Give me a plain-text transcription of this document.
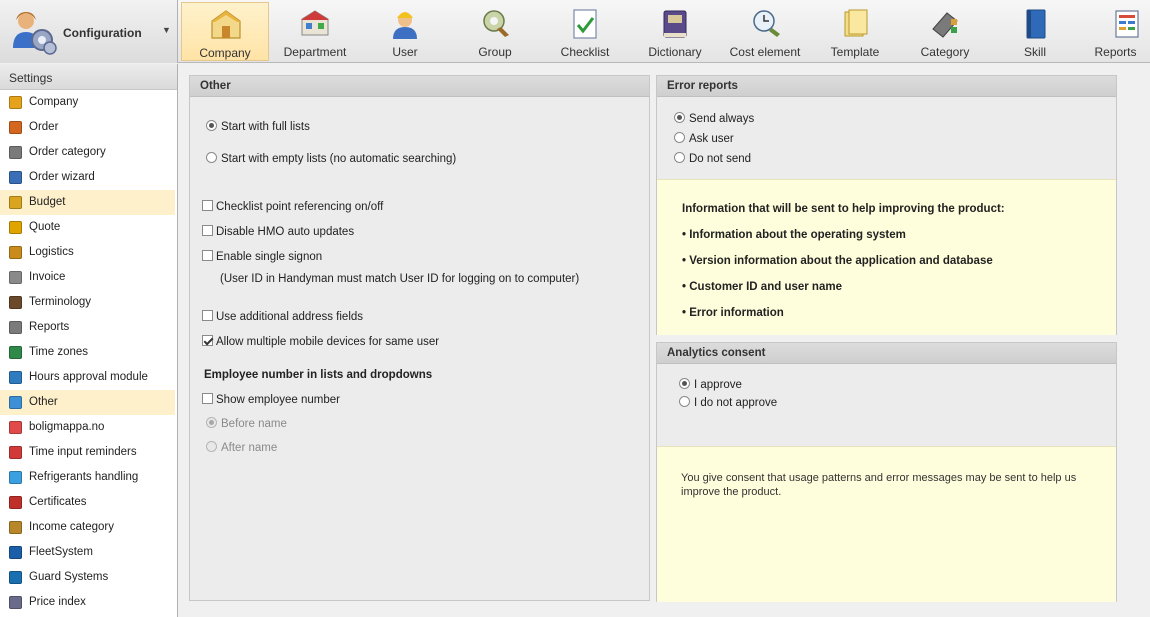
Configuration ▼
Company	Department	User	Group	Checklist	Dictionary	Cost element	Template	Category	Skill	Reports
Settings
Company
Order
Order category
Order wizard
Budget
Quote
Logistics
Invoice
Terminology
Reports
Time zones
Hours approval module
Other
boligmappa.no
Time input reminders
Refrigerants handling
Certificates
Income category
FleetSystem
Guard Systems
Price index
Other
Start with full lists
Start with empty lists (no automatic searching)
Checklist point referencing on/off
Disable HMO auto updates
Enable single signon
(User ID in Handyman must match User ID for logging on to computer)
Use additional address fields
Allow multiple mobile devices for same user
Employee number in lists and dropdowns
Show employee number
Before name
After name
Error reports
Send always
Ask user
Do not send
Information that will be sent to help improving the product:
• Information about the operating system
• Version information about the application and database
• Customer ID and user name
• Error information
Analytics consent
I approve
I do not approve
You give consent that usage patterns and error messages may be sent to help us improve the product.
